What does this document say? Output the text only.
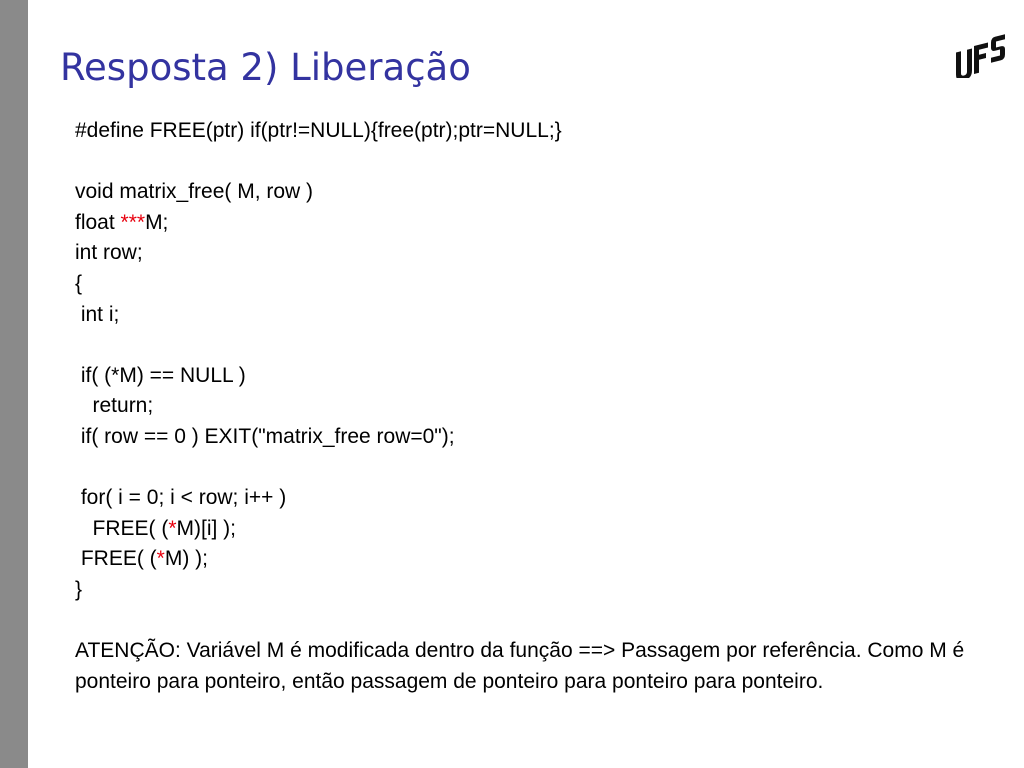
Resposta 2) Liberação
#define FREE(ptr) if(ptr!=NULL){free(ptr);ptr=NULL;}
void matrix_free( M, row )
float ***M;
int row;
{
int i;
if( (*M) == NULL )
return;
if( row == 0 ) EXIT("matrix_free row=0");
for( i = 0; i < row; i++ )
FREE( (*M)[i] );
FREE( (*M) );
}

ATENÇÃO: Variável M é modificada dentro da função ==> Passagem por referência. Como M é ponteiro para ponteiro, então passagem de ponteiro para ponteiro para ponteiro.
